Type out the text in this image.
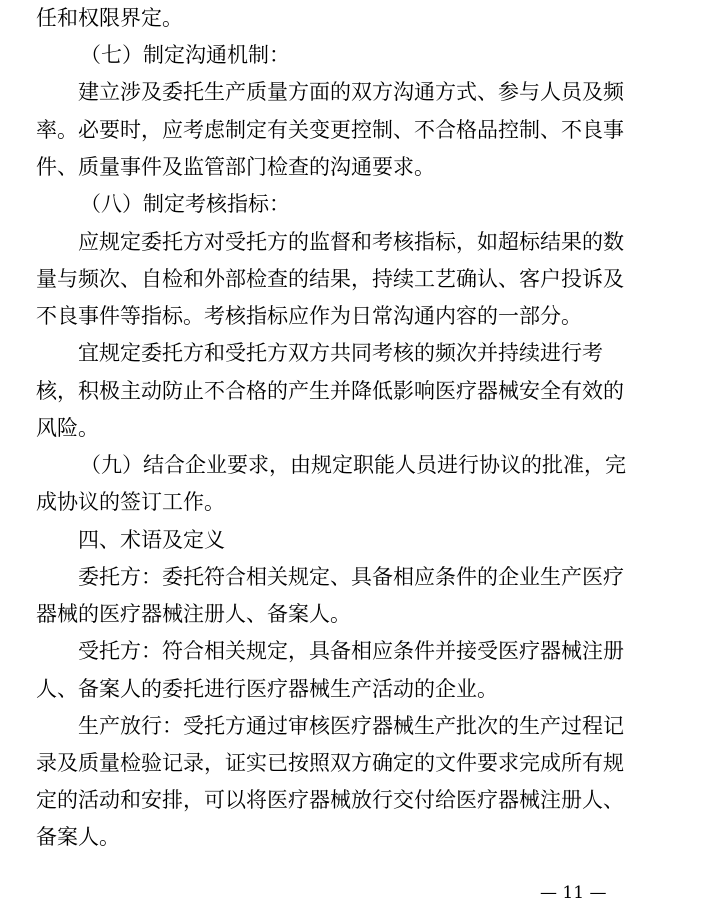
任和权限界定。
（七）制定沟通机制：
建立涉及委托生产质量方面的双方沟通方式、参与人员及频
率。必要时，应考虑制定有关变更控制、不合格品控制、不良事
件、质量事件及监管部门检查的沟通要求。
（八）制定考核指标：
应规定委托方对受托方的监督和考核指标，如超标结果的数
量与频次、自检和外部检查的结果，持续工艺确认、客户投诉及
不良事件等指标。考核指标应作为日常沟通内容的一部分。
宜规定委托方和受托方双方共同考核的频次并持续进行考
核，积极主动防止不合格的产生并降低影响医疗器械安全有效的
风险。
（九）结合企业要求，由规定职能人员进行协议的批准，完
成协议的签订工作。
四、术语及定义
委托方：委托符合相关规定、具备相应条件的企业生产医疗
器械的医疗器械注册人、备案人。
受托方：符合相关规定，具备相应条件并接受医疗器械注册
人、备案人的委托进行医疗器械生产活动的企业。
生产放行：受托方通过审核医疗器械生产批次的生产过程记
录及质量检验记录，证实已按照双方确定的文件要求完成所有规
定的活动和安排，可以将医疗器械放行交付给医疗器械注册人、
备案人。
— 11 —
